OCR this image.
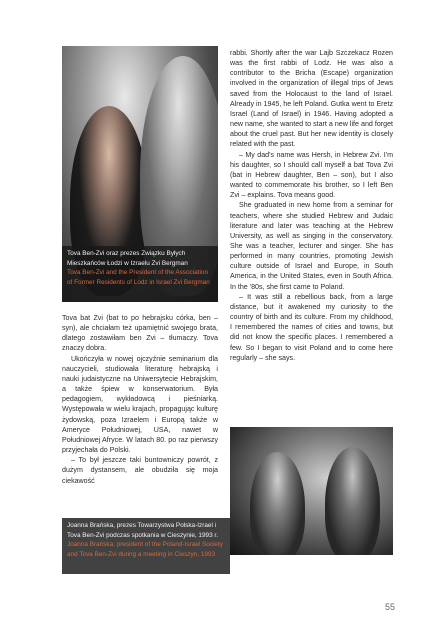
Tova Ben-Zvi oraz prezes Związku Byłych Mieszkańców Łodzi w Izraelu Zvi Bergman
Tova Ben-Zvi and the President of the Association of Former Residents of Lodz in Israel Zvi Bergman

Tova bat Zvi (bat to po hebrajsku córka, ben – syn), ale chciałam też upamiętnić swojego brata, dlatego zostawiłam ben Zvi – tłumaczy. Tova znaczy dobra.

Ukończyła w nowej ojczyźnie seminarium dla nauczycieli, studiowała literaturę hebrajską i nauki judaistyczne na Uniwersytecie Hebrajskim, a także śpiew w konserwatorium. Była pedagogiem, wykładowcą i pieśniarką. Występowała w wielu krajach, propagując kulturę żydowską, poza Izraelem i Europą także w Ameryce Południowej, USA, nawet w Południowej Afryce. W latach 80. po raz pierwszy przyjechała do Polski.

– To był jeszcze taki buntowniczy powrót, z dużym dystansem, ale obudziła się moja ciekawość

rabbi. Shortly after the war Lajb Szczekacz Rozen was the first rabbi of Lodz. He was also a contributor to the Bricha (Escape) organization involved in the organization of illegal trips of Jews saved from the Holocaust to the land of Israel. Already in 1945, he left Poland. Gutka went to Eretz Israel (Land of Israel) in 1946. Having adopted a new name, she wanted to start a new life and forget about the cruel past. But her new identity is closely related with the past.

– My dad's name was Hersh, in Hebrew Zvi. I'm his daughter, so I should call myself a bat Tova Zvi (bat in Hebrew daughter, Ben – son), but I also wanted to commemorate his brother, so I left Ben Zvi – explains. Tova means good.

She graduated in new home from a seminar for teachers, where she studied Hebrew and Judaic literature and later was teaching at the Hebrew University, as well as singing in the conservatory. She was a teacher, lecturer and singer. She has performed in many countries, promoting Jewish culture outside of Israel and Europe, in South America, in the United States, even in South Africa. In the '80s, she first came to Poland.

– It was still a rebellious back, from a large distance, but it awakened my curiosity to the country of birth and its culture. From my childhood, I remembered the names of cities and towns, but did not know the specific places. I remembered a few. So I began to visit Poland and to come here regularly – she says.

Joanna Brańska, prezes Towarzystwa Polska-Izrael i Tova Ben-Zvi podczas spotkania w Cieszynie, 1993 r.
Joanna Brańska, president of the Poland-Israel Society and Tova Ben-Zvi during a meeting in Cieszyn, 1993
55
